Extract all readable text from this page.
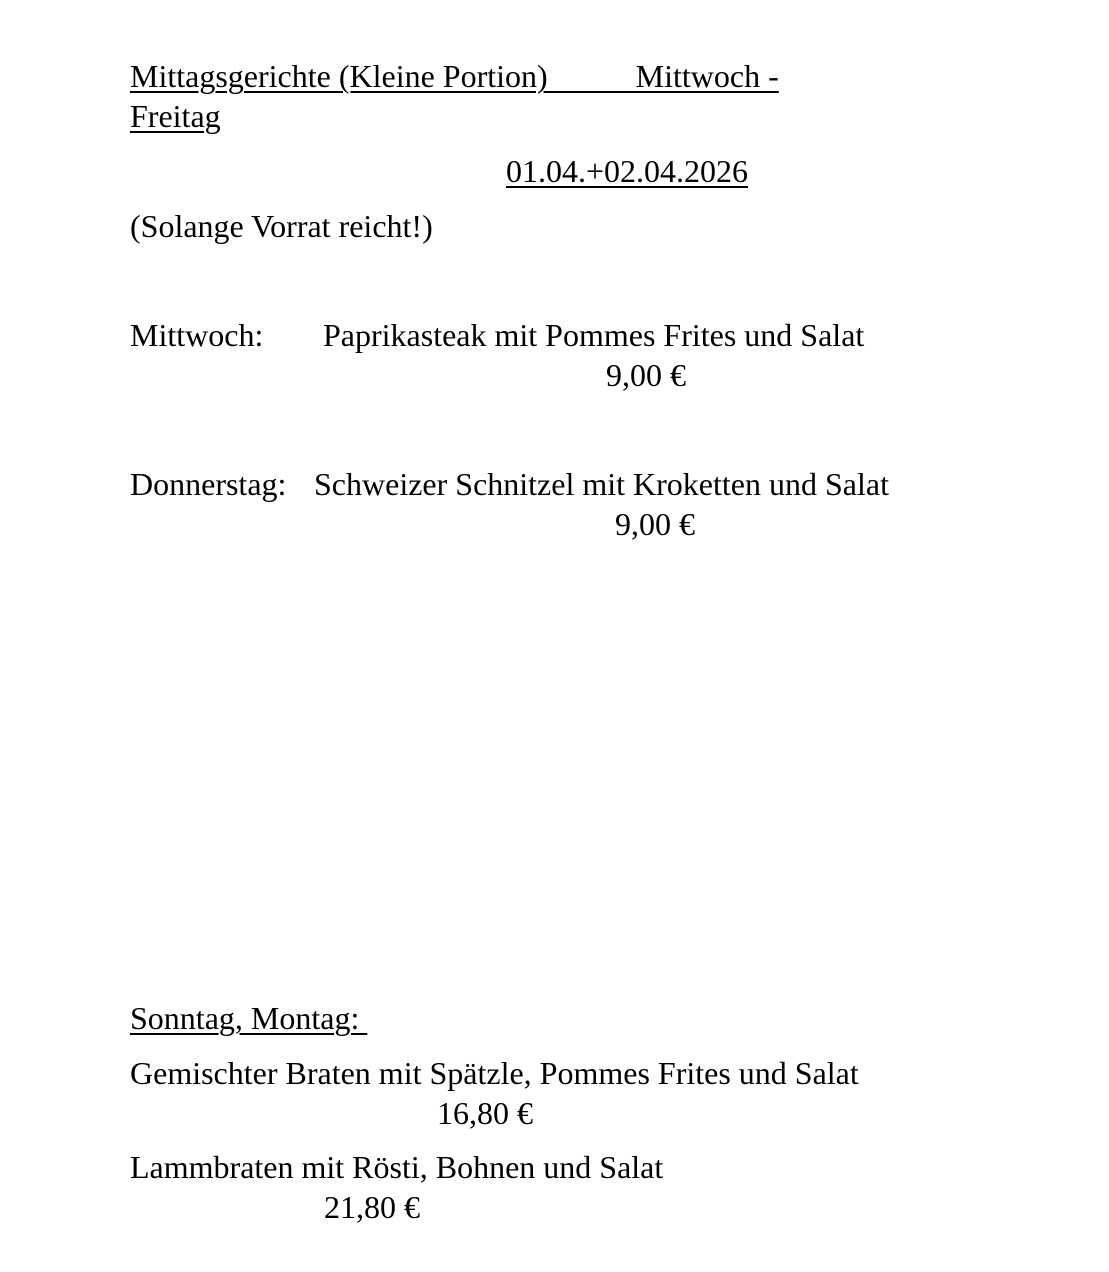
Mittagsgerichte (Kleine Portion)           Mittwoch -

Freitag

01.04.+02.04.2026

(Solange Vorrat reicht!)

Mittwoch: Paprikasteak mit Pommes Frites und Salat

9,00 €

Donnerstag: Schweizer Schnitzel mit Kroketten und Salat

9,00 €

Sonntag, Montag:

Gemischter Braten mit Spätzle, Pommes Frites und Salat

16,80 €

Lammbraten mit Rösti, Bohnen und Salat

21,80 €
